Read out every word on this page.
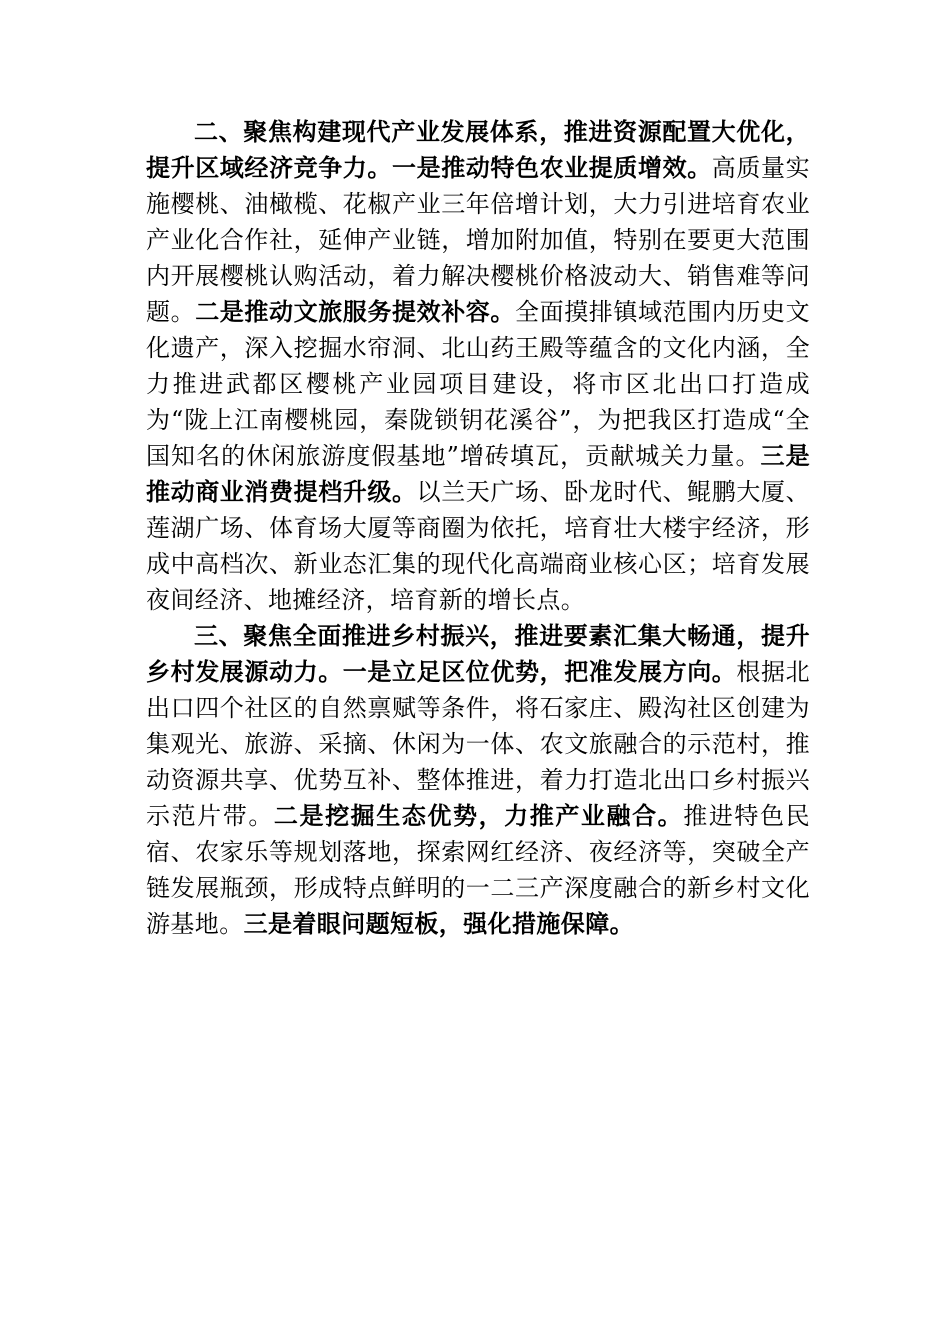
二、聚焦构建现代产业发展体系，推进资源配置大优化，提升区域经济竞争力。一是推动特色农业提质增效。高质量实施樱桃、油橄榄、花椒产业三年倍增计划，大力引进培育农业产业化合作社，延伸产业链，增加附加值，特别在要更大范围内开展樱桃认购活动，着力解决樱桃价格波动大、销售难等问题。二是推动文旅服务提效补容。全面摸排镇域范围内历史文化遗产，深入挖掘水帘洞、北山药王殿等蕴含的文化内涵，全力推进武都区樱桃产业园项目建设，将市区北出口打造成为“陇上江南樱桃园，秦陇锁钥花溪谷”，为把我区打造成“全国知名的休闲旅游度假基地”增砖填瓦，贡献城关力量。三是推动商业消费提档升级。以兰天广场、卧龙时代、鲲鹏大厦、莲湖广场、体育场大厦等商圈为依托，培育壮大楼宇经济，形成中高档次、新业态汇集的现代化高端商业核心区；培育发展夜间经济、地摊经济，培育新的增长点。

三、聚焦全面推进乡村振兴，推进要素汇集大畅通，提升乡村发展源动力。一是立足区位优势，把准发展方向。根据北出口四个社区的自然禀赋等条件，将石家庄、殿沟社区创建为集观光、旅游、采摘、休闲为一体、农文旅融合的示范村，推动资源共享、优势互补、整体推进，着力打造北出口乡村振兴示范片带。二是挖掘生态优势，力推产业融合。推进特色民宿、农家乐等规划落地，探索网红经济、夜经济等，突破全产链发展瓶颈，形成特点鲜明的一二三产深度融合的新乡村文化游基地。三是着眼问题短板，强化措施保障。
